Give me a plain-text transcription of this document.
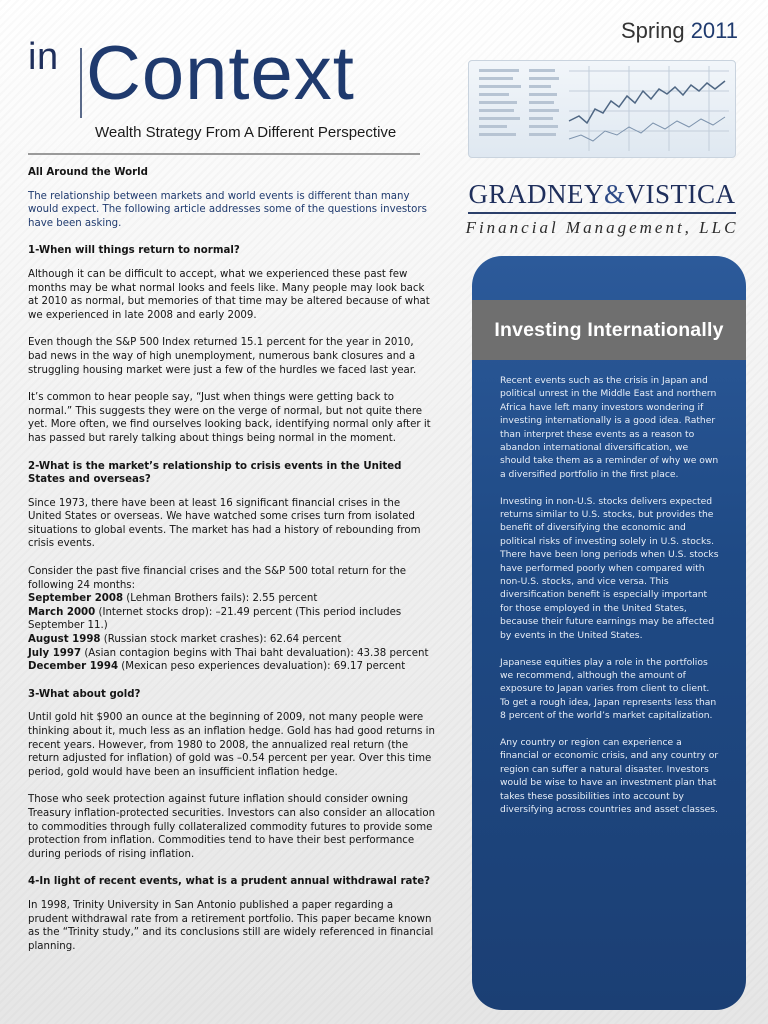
in Context
Wealth Strategy From A Different Perspective
Spring 2011
GRADNEY&VISTICA
Financial Management, LLC

All Around the World

The relationship between markets and world events is different than many would expect. The following article addresses some of the questions investors have been asking.

1-When will things return to normal?

Although it can be difficult to accept, what we experienced these past few months may be what normal looks and feels like. Many people may look back at 2010 as normal, but memories of that time may be altered because of what we experienced in late 2008 and early 2009.

Even though the S&P 500 Index returned 15.1 percent for the year in 2010, bad news in the way of high unemployment, numerous bank closures and a struggling housing market were just a few of the hurdles we faced last year.

It’s common to hear people say, “Just when things were getting back to normal.” This suggests they were on the verge of normal, but not quite there yet. More often, we find ourselves looking back, identifying normal only after it has passed but rarely talking about things being normal in the moment.

2-What is the market’s relationship to crisis events in the United States and overseas?

Since 1973, there have been at least 16 significant financial crises in the United States or overseas. We have watched some crises turn from isolated situations to global events. The market has had a history of rebounding from crisis events.

Consider the past five financial crises and the S&P 500 total return for the following 24 months:

September 2008 (Lehman Brothers fails): 2.55 percent

March 2000 (Internet stocks drop): –21.49 percent (This period includes September 11.)

August 1998 (Russian stock market crashes): 62.64 percent

July 1997 (Asian contagion begins with Thai baht devaluation): 43.38 percent

December 1994 (Mexican peso experiences devaluation): 69.17 percent

3-What about gold?

Until gold hit $900 an ounce at the beginning of 2009, not many people were thinking about it, much less as an inflation hedge. Gold has had good returns in recent years. However, from 1980 to 2008, the annualized real return (the return adjusted for inflation) of gold was –0.54 percent per year. Over this time period, gold would have been an insufficient inflation hedge.

Those who seek protection against future inflation should consider owning Treasury inflation-protected securities. Investors can also consider an allocation to commodities through fully collateralized commodity futures to provide some protection from inflation. Commodities tend to have their best performance during periods of rising inflation.

4-In light of recent events, what is a prudent annual withdrawal rate?

In 1998, Trinity University in San Antonio published a paper regarding a prudent withdrawal rate from a retirement portfolio. This paper became known as the “Trinity study,” and its conclusions still are widely referenced in financial planning.

Investing Internationally

Recent events such as the crisis in Japan and political unrest in the Middle East and northern Africa have left many investors wondering if investing internationally is a good idea. Rather than interpret these events as a reason to abandon international diversification, we should take them as a reminder of why we own a diversified portfolio in the first place.

Investing in non-U.S. stocks delivers expected returns similar to U.S. stocks, but provides the benefit of diversifying the economic and political risks of investing solely in U.S. stocks. There have been long periods when U.S. stocks have performed poorly when compared with non-U.S. stocks, and vice versa. This diversification benefit is especially important for those employed in the United States, because their future earnings may be affected by events in the United States.

Japanese equities play a role in the portfolios we recommend, although the amount of exposure to Japan varies from client to client. To get a rough idea, Japan represents less than 8 percent of the world’s market capitalization.

Any country or region can experience a financial or economic crisis, and any country or region can suffer a natural disaster. Investors would be wise to have an investment plan that takes these possibilities into account by diversifying across countries and asset classes.
